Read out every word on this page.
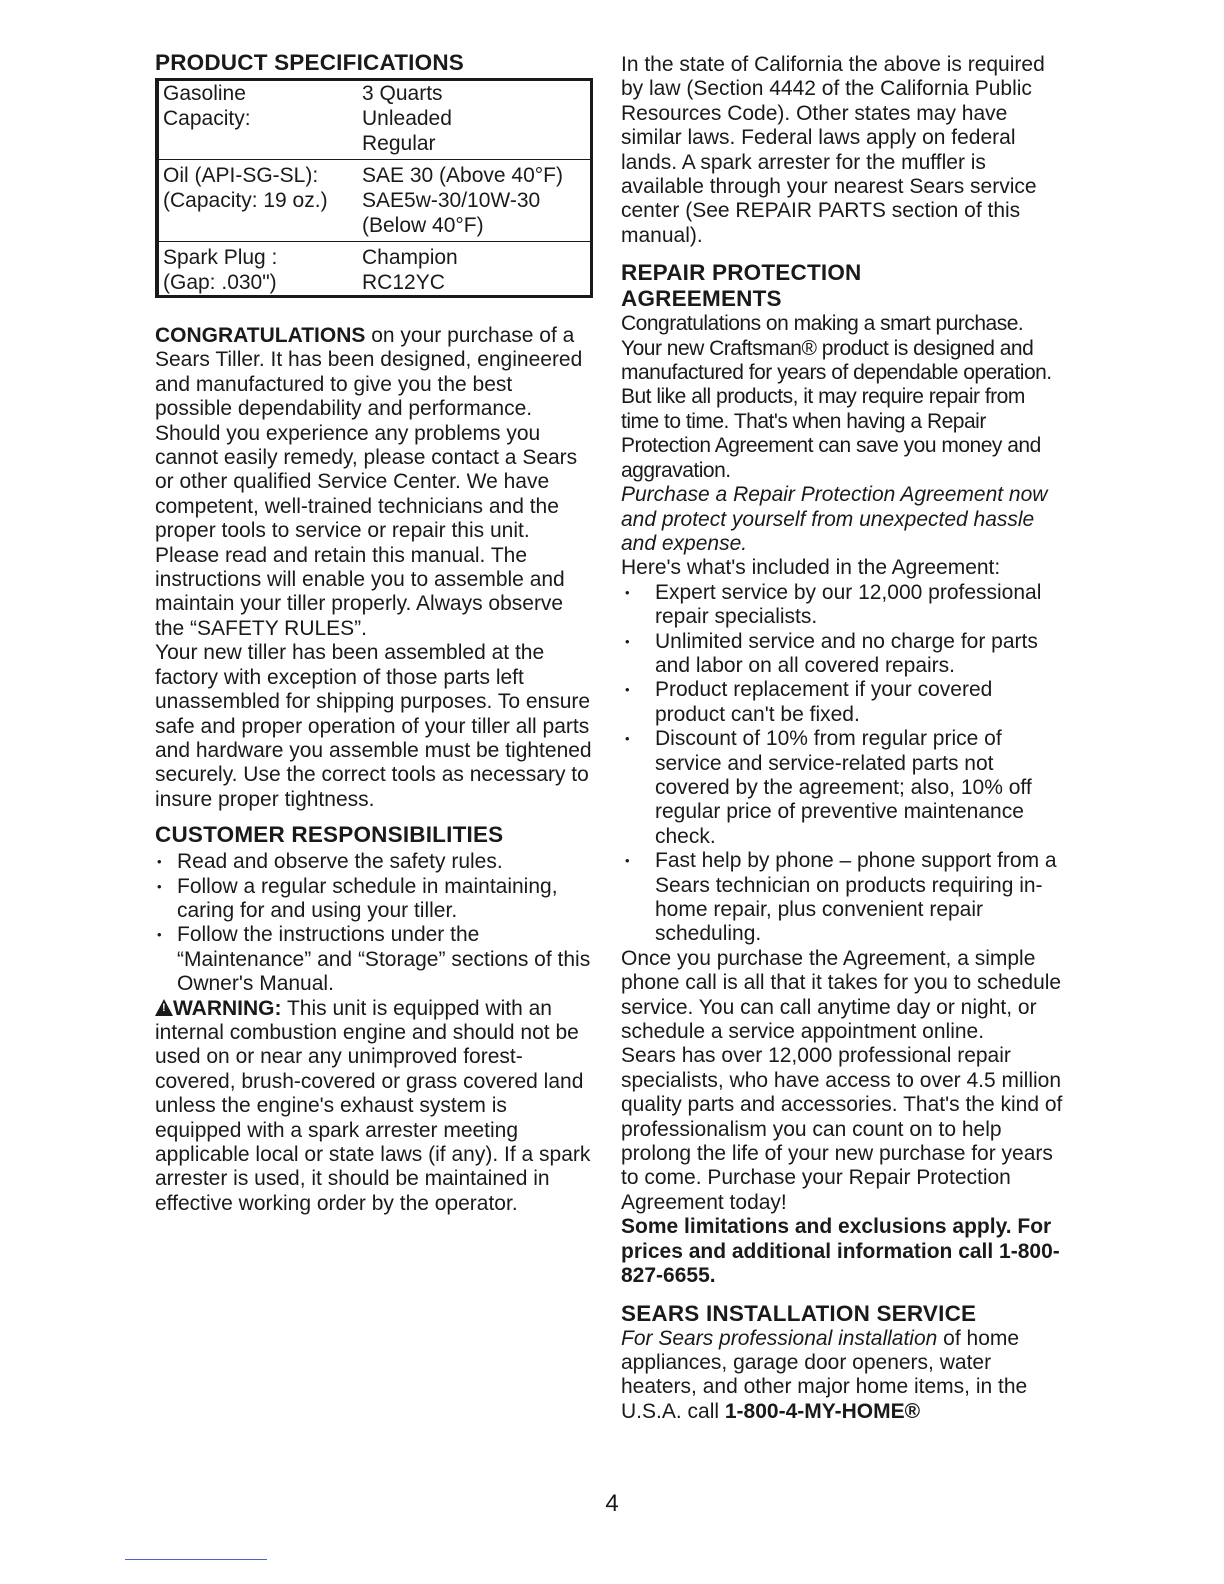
PRODUCT SPECIFICATIONS
Gasoline	3 Quarts
Capacity:	Unleaded
	Regular
Oil (API-SG-SL):	SAE 30 (Above 40°F)
(Capacity: 19 oz.)	SAE5w-30/10W-30
	(Below 40°F)
Spark Plug :	Champion
(Gap: .030")	RC12YC

CONGRATULATIONS on your purchase of a Sears Tiller. It has been designed, engineered and manufactured to give you the best possible dependability and performance.

Should you experience any problems you cannot easily remedy, please contact a Sears or other qualified Service Center. We have competent, well-trained technicians and the proper tools to service or repair this unit.

Please read and retain this manual. The instructions will enable you to assemble and maintain your tiller properly. Always observe the “SAFETY RULES”.

Your new tiller has been assembled at the factory with exception of those parts left unassembled for shipping purposes. To ensure safe and proper operation of your tiller all parts and hardware you assemble must be tightened securely. Use the correct tools as necessary to insure proper tightness.

CUSTOMER RESPONSIBILITIES
• Read and observe the safety rules.
• Follow a regular schedule in maintaining, caring for and using your tiller.
• Follow the instructions under the “Maintenance” and “Storage” sections of this Owner's Manual.

! WARNING: This unit is equipped with an internal combustion engine and should not be used on or near any unimproved forest-covered, brush-covered or grass covered land unless the engine's exhaust system is equipped with a spark arrester meeting applicable local or state laws (if any). If a spark arrester is used, it should be maintained in effective working order by the operator.

In the state of California the above is required by law (Section 4442 of the California Public Resources Code). Other states may have similar laws. Federal laws apply on federal lands. A spark arrester for the muffler is available through your nearest Sears service center (See REPAIR PARTS section of this manual).

REPAIR PROTECTION
AGREEMENTS

Congratulations on making a smart purchase. Your new Craftsman® product is designed and manufactured for years of dependable operation. But like all products, it may require repair from time to time. That's when having a Repair Protection Agreement can save you money and aggravation.

Purchase a Repair Protection Agreement now and protect yourself from unexpected hassle and expense.

Here's what's included in the Agreement:

• Expert service by our 12,000 professional repair specialists.
• Unlimited service and no charge for parts and labor on all covered repairs.
• Product replacement if your covered product can't be fixed.
• Discount of 10% from regular price of service and service-related parts not covered by the agreement; also, 10% off regular price of preventive maintenance check.
• Fast help by phone – phone support from a Sears technician on products requiring in-home repair, plus convenient repair scheduling.

Once you purchase the Agreement, a simple phone call is all that it takes for you to schedule service. You can call anytime day or night, or schedule a service appointment online.

Sears has over 12,000 professional repair specialists, who have access to over 4.5 million quality parts and accessories. That's the kind of professionalism you can count on to help prolong the life of your new purchase for years to come. Purchase your Repair Protection Agreement today!

Some limitations and exclusions apply. For prices and additional information call 1-800-827-6655.

SEARS INSTALLATION SERVICE

For Sears professional installation of home appliances, garage door openers, water heaters, and other major home items, in the U.S.A. call 1-800-4-MY-HOME®

4
